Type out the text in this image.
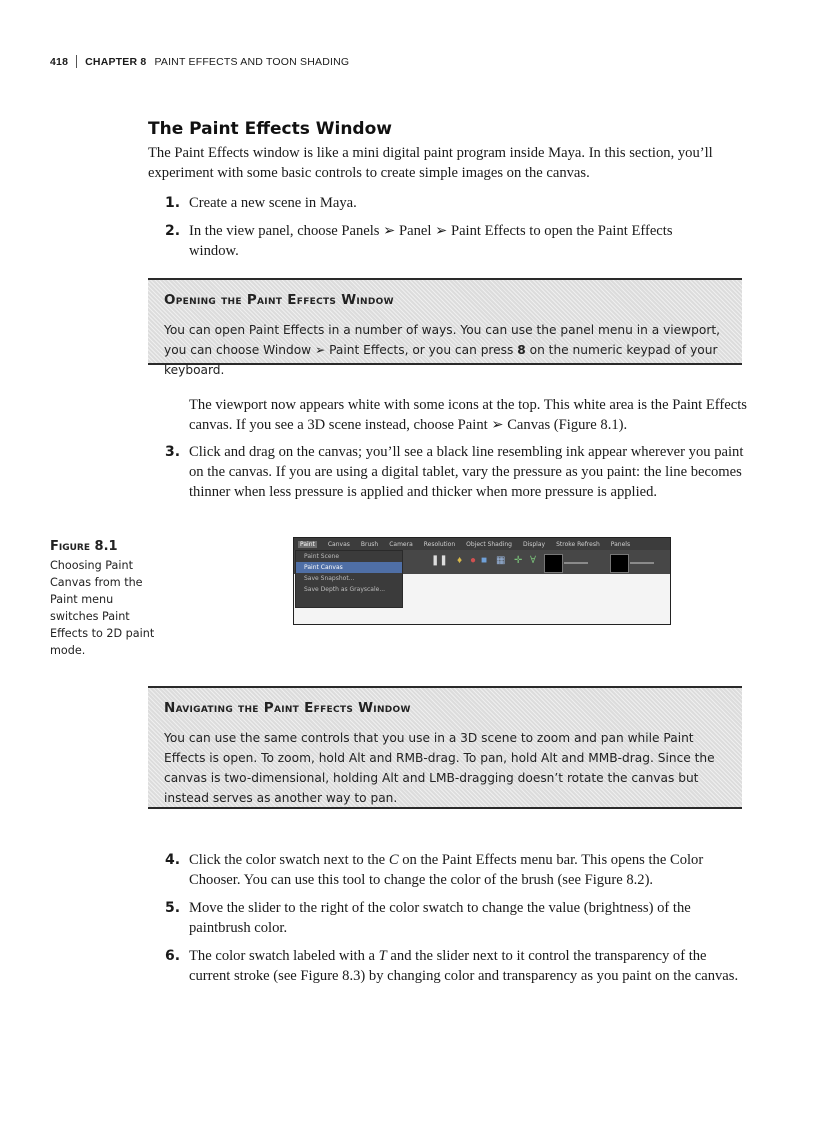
418 CHAPTER 8 PAINT EFFECTS AND TOON SHADING
The Paint Effects Window

The Paint Effects window is like a mini digital paint program inside Maya. In this section, you’ll experiment with some basic controls to create simple images on the canvas.

1. Create a new scene in Maya.
2. In the view panel, choose Panels ➢ Panel ➢ Paint Effects to open the Paint Effects window.
Opening the Paint Effects Window

You can open Paint Effects in a number of ways. You can use the panel menu in a viewport, you can choose Window ➢ Paint Effects, or you can press 8 on the numeric keypad of your keyboard.

The viewport now appears white with some icons at the top. This white area is the Paint Effects canvas. If you see a 3D scene instead, choose Paint ➢ Canvas (Figure 8.1).

3. Click and drag on the canvas; you’ll see a black line resembling ink appear wherever you paint on the canvas. If you are using a digital tablet, vary the pressure as you paint: the line becomes thinner when less pressure is applied and thicker when more pressure is applied.
Figure 8.1
Choosing Paint Canvas from the Paint menu switches Paint Effects to 2D paint mode.
Paint	Canvas Brush Camera Resolution Object Shading Display Stroke Refresh Panels
❚❚ ♦ ● ■ ▦ ✛ ∀
Paint Scene
Paint Canvas
Save Snapshot...
Save Depth as Grayscale...
Navigating the Paint Effects Window

You can use the same controls that you use in a 3D scene to zoom and pan while Paint Effects is open. To zoom, hold Alt and RMB-drag. To pan, hold Alt and MMB-drag. Since the canvas is two-dimensional, holding Alt and LMB-dragging doesn’t rotate the canvas but instead serves as another way to pan.

4. Click the color swatch next to the C on the Paint Effects menu bar. This opens the Color Chooser. You can use this tool to change the color of the brush (see Figure 8.2).
5. Move the slider to the right of the color swatch to change the value (brightness) of the paintbrush color.
6. The color swatch labeled with a T and the slider next to it control the transparency of the current stroke (see Figure 8.3) by changing color and transparency as you paint on the canvas.
